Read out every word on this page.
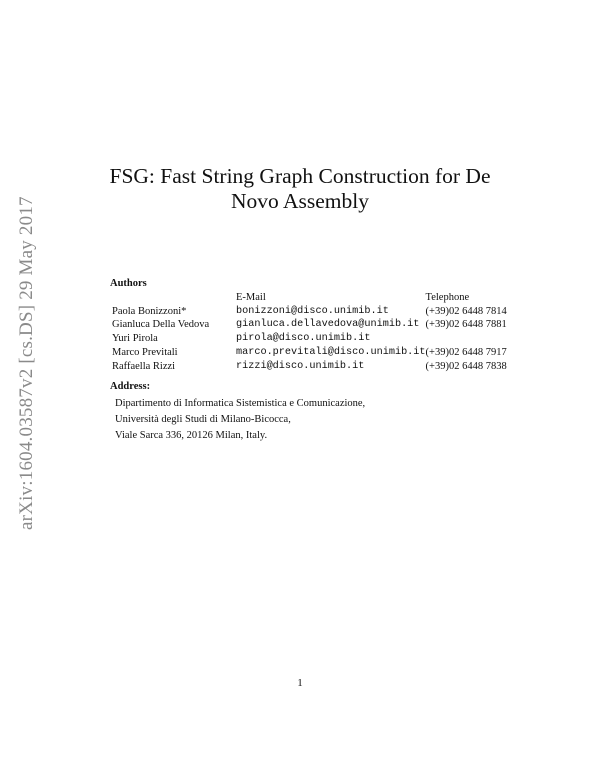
arXiv:1604.03587v2 [cs.DS] 29 May 2017
FSG: Fast String Graph Construction for De
Novo Assembly
Authors
	E-Mail	Telephone
Paola Bonizzoni*	bonizzoni@disco.unimib.it	(+39)02 6448 7814
Gianluca Della Vedova	gianluca.dellavedova@unimib.it	(+39)02 6448 7881
Yuri Pirola	pirola@disco.unimib.it	
Marco Previtali	marco.previtali@disco.unimib.it	(+39)02 6448 7917
Raffaella Rizzi	rizzi@disco.unimib.it	(+39)02 6448 7838
Address:
Dipartimento di Informatica Sistemistica e Comunicazione,
Università degli Studi di Milano-Bicocca,
Viale Sarca 336, 20126 Milan, Italy.
1
